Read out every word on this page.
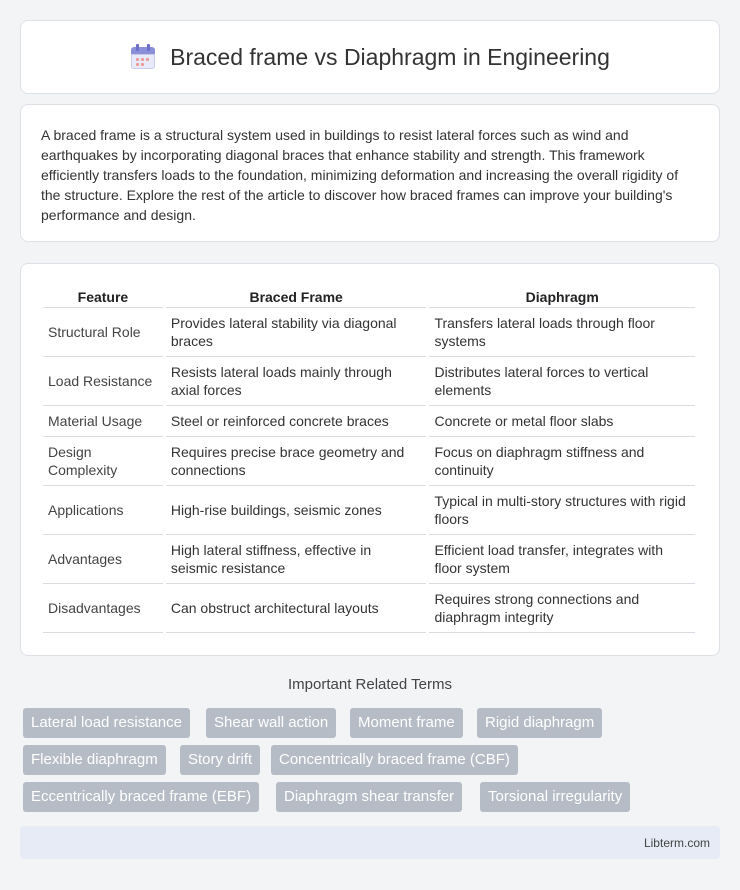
Braced frame vs Diaphragm in Engineering

A braced frame is a structural system used in buildings to resist lateral forces such as wind and earthquakes by incorporating diagonal braces that enhance stability and strength. This framework efficiently transfers loads to the foundation, minimizing deformation and increasing the overall rigidity of the structure. Explore the rest of the article to discover how braced frames can improve your building's performance and design.

Feature	Braced Frame	Diaphragm
Structural Role	Provides lateral stability via diagonal braces	Transfers lateral loads through floor systems
Load Resistance	Resists lateral loads mainly through axial forces	Distributes lateral forces to vertical elements
Material Usage	Steel or reinforced concrete braces	Concrete or metal floor slabs
Design Complexity	Requires precise brace geometry and connections	Focus on diaphragm stiffness and continuity
Applications	High-rise buildings, seismic zones	Typical in multi-story structures with rigid floors
Advantages	High lateral stiffness, effective in seismic resistance	Efficient load transfer, integrates with floor system
Disadvantages	Can obstruct architectural layouts	Requires strong connections and diaphragm integrity
Important Related Terms
Lateral load resistance	Shear wall action	Moment frame	Rigid diaphragm
Flexible diaphragm	Story drift	Concentrically braced frame (CBF)
Eccentrically braced frame (EBF)	Diaphragm shear transfer	Torsional irregularity
Libterm.com
